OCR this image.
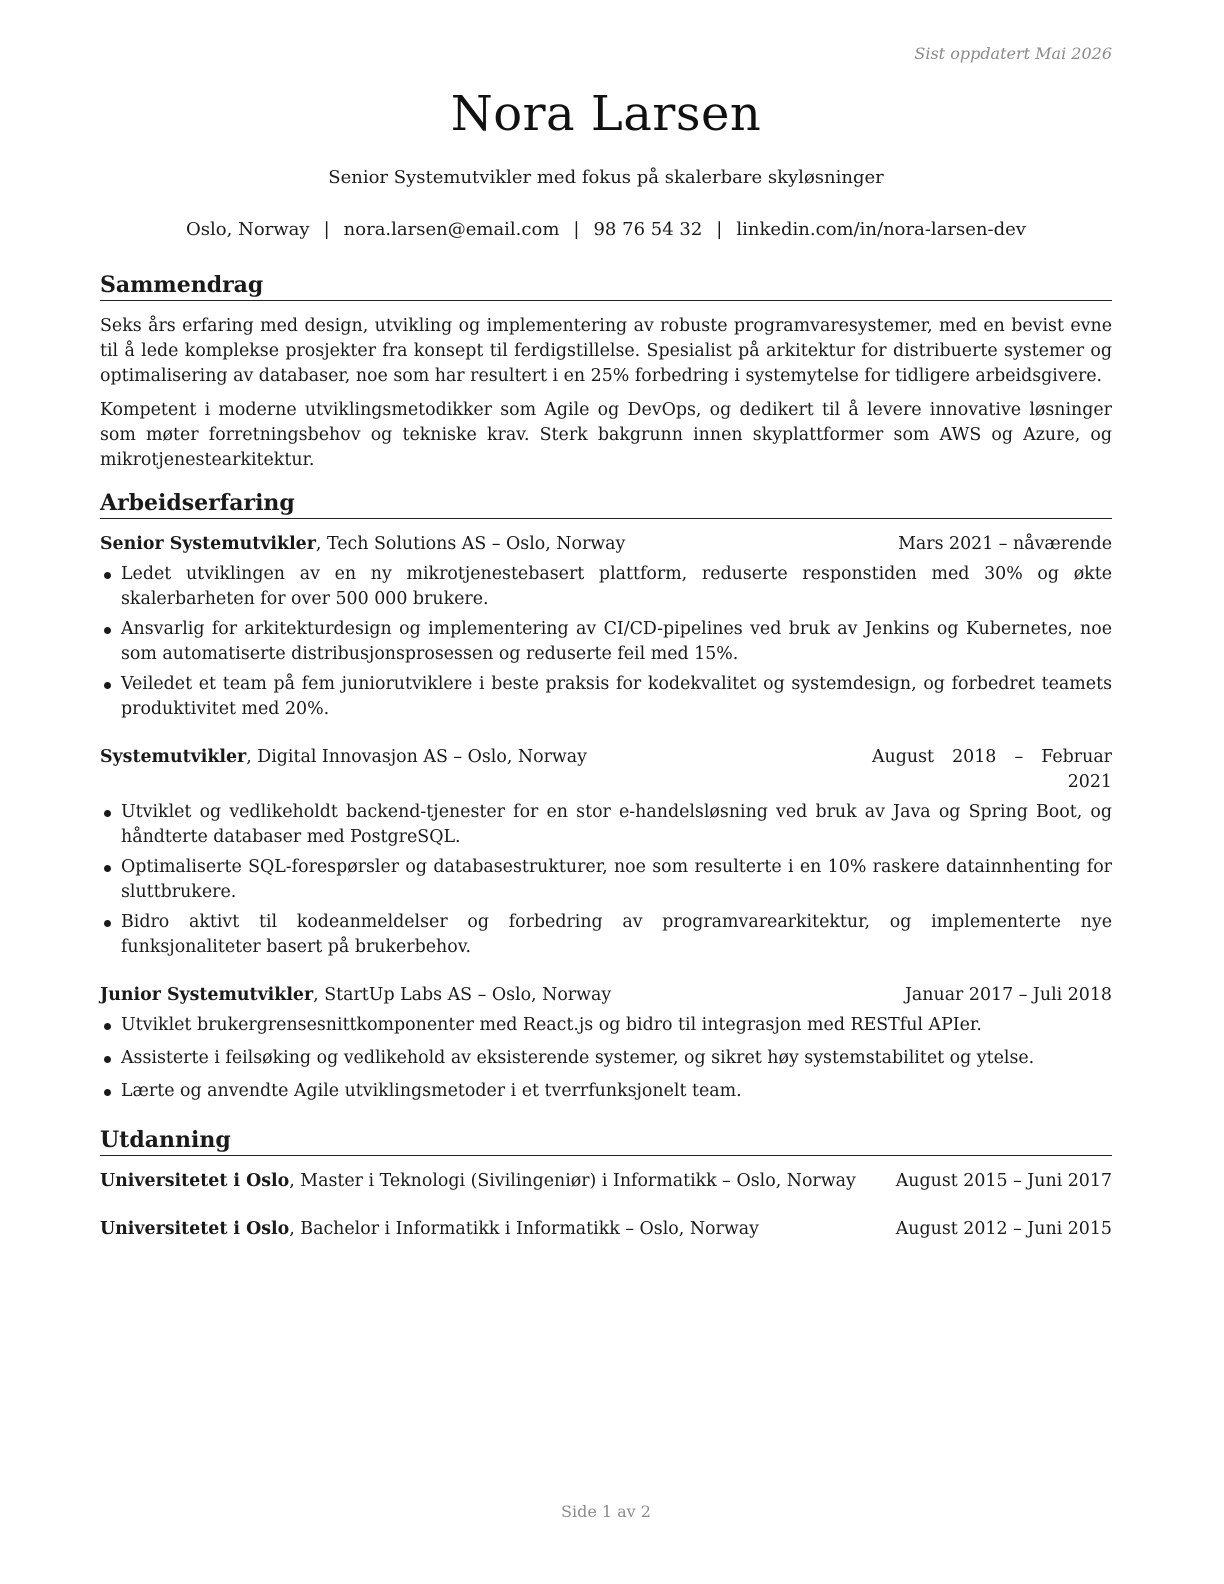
Sist oppdatert Mai 2026
Nora Larsen
Senior Systemutvikler med fokus på skalerbare skyløsninger
Oslo, Norway | nora.larsen@email.com | 98 76 54 32 | linkedin.com/in/nora-larsen-dev
Sammendrag

Seks års erfaring med design, utvikling og implementering av robuste programvaresystemer, med en bevist evne til å lede komplekse prosjekter fra konsept til ferdigstillelse. Spesialist på arkitektur for distribuerte systemer og optimalisering av databaser, noe som har resultert i en 25% forbedring i systemytelse for tidligere arbeidsgivere.

Kompetent i moderne utviklingsmetodikker som Agile og DevOps, og dedikert til å levere innovative løsninger som møter forretningsbehov og tekniske krav. Sterk bakgrunn innen skyplattformer som AWS og Azure, og mikrotjenestearkitektur.

Arbeidserfaring
Senior Systemutvikler, Tech Solutions AS – Oslo, Norway	Mars 2021 – nåværende
Ledet utviklingen av en ny mikrotjenestebasert plattform, reduserte responstiden med 30% og økte skalerbarheten for over 500 000 brukere.
Ansvarlig for arkitekturdesign og implementering av CI/CD-pipelines ved bruk av Jenkins og Kubernetes, noe som automatiserte distribusjonsprosessen og reduserte feil med 15%.
Veiledet et team på fem juniorutviklere i beste praksis for kodekvalitet og systemdesign, og forbedret teamets produktivitet med 20%.
Systemutvikler, Digital Innovasjon AS – Oslo, Norway	August 2018 – Februar 2021
Utviklet og vedlikeholdt backend-tjenester for en stor e-handelsløsning ved bruk av Java og Spring Boot, og håndterte databaser med PostgreSQL.
Optimaliserte SQL-forespørsler og databasestrukturer, noe som resulterte i en 10% raskere datainnhenting for sluttbrukere.
Bidro aktivt til kodeanmeldelser og forbedring av programvarearkitektur, og implementerte nye funksjonaliteter basert på brukerbehov.
Junior Systemutvikler, StartUp Labs AS – Oslo, Norway	Januar 2017 – Juli 2018
Utviklet brukergrensesnittkomponenter med React.js og bidro til integrasjon med RESTful APIer.
Assisterte i feilsøking og vedlikehold av eksisterende systemer, og sikret høy systemstabilitet og ytelse.
Lærte og anvendte Agile utviklingsmetoder i et tverrfunksjonelt team.
Utdanning
Universitetet i Oslo, Master i Teknologi (Sivilingeniør) i Informatikk – Oslo, Norway August 2015 – Juni 2017
Universitetet i Oslo, Bachelor i Informatikk i Informatikk – Oslo, Norway	August 2012 – Juni 2015
Side 1 av 2
